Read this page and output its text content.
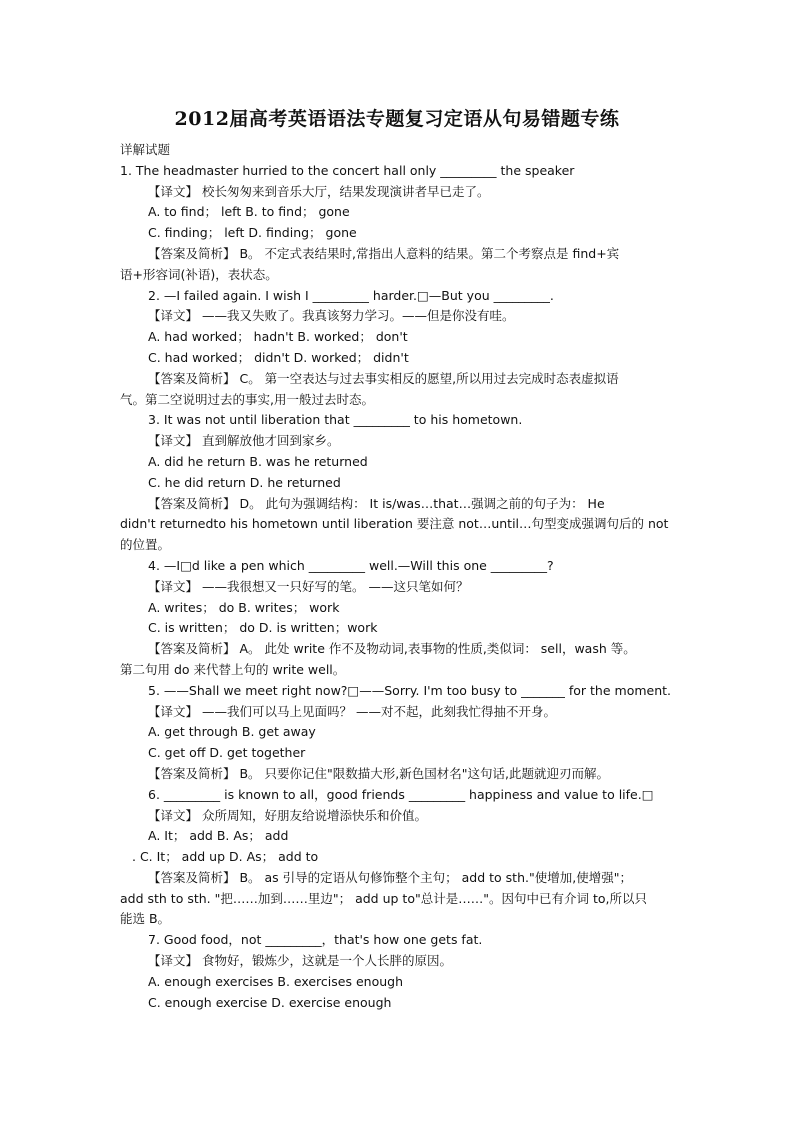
2012届高考英语语法专题复习定语从句易错题专练
详解试题
1. The headmaster hurried to the concert hall only _________ the speaker
【译文】 校长匆匆来到音乐大厅，结果发现演讲者早已走了。
A. to find； left B. to find； gone
C. finding； left D. finding； gone
【答案及简析】 B。 不定式表结果时,常指出人意料的结果。第二个考察点是 find+宾
语+形容词(补语)，表状态。
2. —I failed again. I wish I _________ harder.□—But you _________.
【译文】 ——我又失败了。我真该努力学习。——但是你没有哇。
A. had worked； hadn't B. worked； don't
C. had worked； didn't D. worked； didn't
【答案及简析】 C。 第一空表达与过去事实相反的愿望,所以用过去完成时态表虚拟语
气。第二空说明过去的事实,用一般过去时态。
3. It was not until liberation that _________ to his hometown.
【译文】 直到解放他才回到家乡。
A. did he return B. was he returned
C. he did return D. he returned
【答案及简析】 D。 此句为强调结构： It is/was…that…强调之前的句子为： He
didn't returnedto his hometown until liberation 要注意 not…until…句型变成强调句后的 not
的位置。
4. —I□d like a pen which _________ well.—Will this one _________?
【译文】 ——我很想又一只好写的笔。 ——这只笔如何？
A. writes； do B. writes； work
C. is written； do D. is written；work
【答案及简析】 A。 此处 write 作不及物动词,表事物的性质,类似词： sell，wash 等。
第二句用 do 来代替上句的 write well。
5. ——Shall we meet right now?□——Sorry. I'm too busy to _______ for the moment.
【译文】 ——我们可以马上见面吗？ ——对不起，此刻我忙得抽不开身。
A. get through B. get away
C. get off D. get together
【答案及简析】 B。 只要你记住"限数描大形,新色国材名"这句话,此题就迎刃而解。
6. _________ is known to all，good friends _________ happiness and value to life.□
【译文】 众所周知，好朋友给说增添快乐和价值。
A. It； add B. As； add
. C. It； add up D. As； add to
【答案及简析】 B。 as 引导的定语从句修饰整个主句； add to sth."使增加,使增强"；
add sth to sth. "把……加到……里边"； add up to"总计是……"。因句中已有介词 to,所以只
能选 B。
7. Good food，not _________，that's how one gets fat.
【译文】 食物好，锻炼少，这就是一个人长胖的原因。
A. enough exercises B. exercises enough
C. enough exercise D. exercise enough
